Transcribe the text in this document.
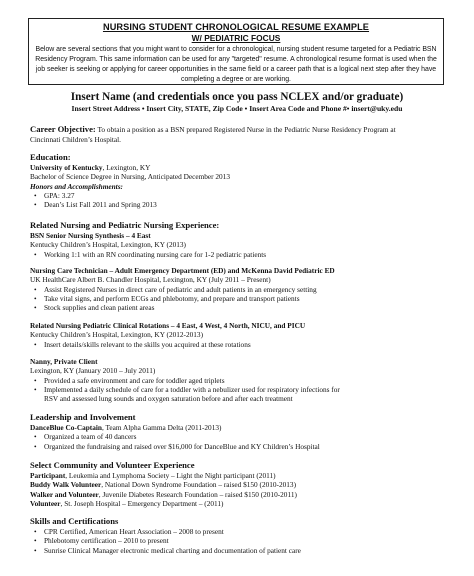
NURSING STUDENT CHRONOLOGICAL RESUME EXAMPLE
W/ PEDIATRIC FOCUS
Below are several sections that you might want to consider for a chronological, nursing student resume targeted for a Pediatric BSN
Residency Program. This same information can be used for any "targeted" resume. A chronological resume format is used when the
job seeker is seeking or applying for career opportunities in the same field or a career path that is a logical next step after they have
completing a degree or are working.
Insert Name (and credentials once you pass NCLEX and/or graduate)
Insert Street Address • Insert City, STATE, Zip Code • Insert Area Code and Phone #• insert@uky.edu
Career Objective: To obtain a position as a BSN prepared Registered Nurse in the Pediatric Nurse Residency Program at
Cincinnati Children’s Hospital.
Education:
University of Kentucky, Lexington, KY
Bachelor of Science Degree in Nursing, Anticipated December 2013
Honors and Accomplishments:
• GPA: 3.27
• Dean’s List Fall 2011 and Spring 2013
Related Nursing and Pediatric Nursing Experience:
BSN Senior Nursing Synthesis – 4 East
Kentucky Children’s Hospital, Lexington, KY (2013)
• Working 1:1 with an RN coordinating nursing care for 1-2 pediatric patients
Nursing Care Technician – Adult Emergency Department (ED) and McKenna David Pediatric ED
UK HealthCare Albert B. Chandler Hospital, Lexington, KY (July 2011 – Present)
• Assist Registered Nurses in direct care of pediatric and adult patients in an emergency setting
• Take vital signs, and perform ECGs and phlebotomy, and prepare and transport patients
• Stock supplies and clean patient areas
Related Nursing Pediatric Clinical Rotations – 4 East, 4 West, 4 North, NICU, and PICU
Kentucky Children’s Hospital, Lexington, KY (2012-2013)
• Insert details/skills relevant to the skills you acquired at these rotations
Nanny, Private Client
Lexington, KY (January 2010 – July 2011)
• Provided a safe environment and care for toddler aged triplets
• Implemented a daily schedule of care for a toddler with a nebulizer used for respiratory infections for
RSV and assessed lung sounds and oxygen saturation before and after each treatment
Leadership and Involvement
DanceBlue Co-Captain, Team Alpha Gamma Delta (2011-2013)
• Organized a team of 40 dancers
• Organized the fundraising and raised over $16,000 for DanceBlue and KY Children’s Hospital
Select Community and Volunteer Experience
Participant, Leukemia and Lymphoma Society – Light the Night participant (2011)
Buddy Walk Volunteer, National Down Syndrome Foundation – raised $150 (2010-2013)
Walker and Volunteer, Juvenile Diabetes Research Foundation – raised $150 (2010-2011)
Volunteer, St. Joseph Hospital – Emergency Department – (2011)
Skills and Certifications
• CPR Certified, American Heart Association – 2008 to present
• Phlebotomy certification – 2010 to present
• Sunrise Clinical Manager electronic medical charting and documentation of patient care
